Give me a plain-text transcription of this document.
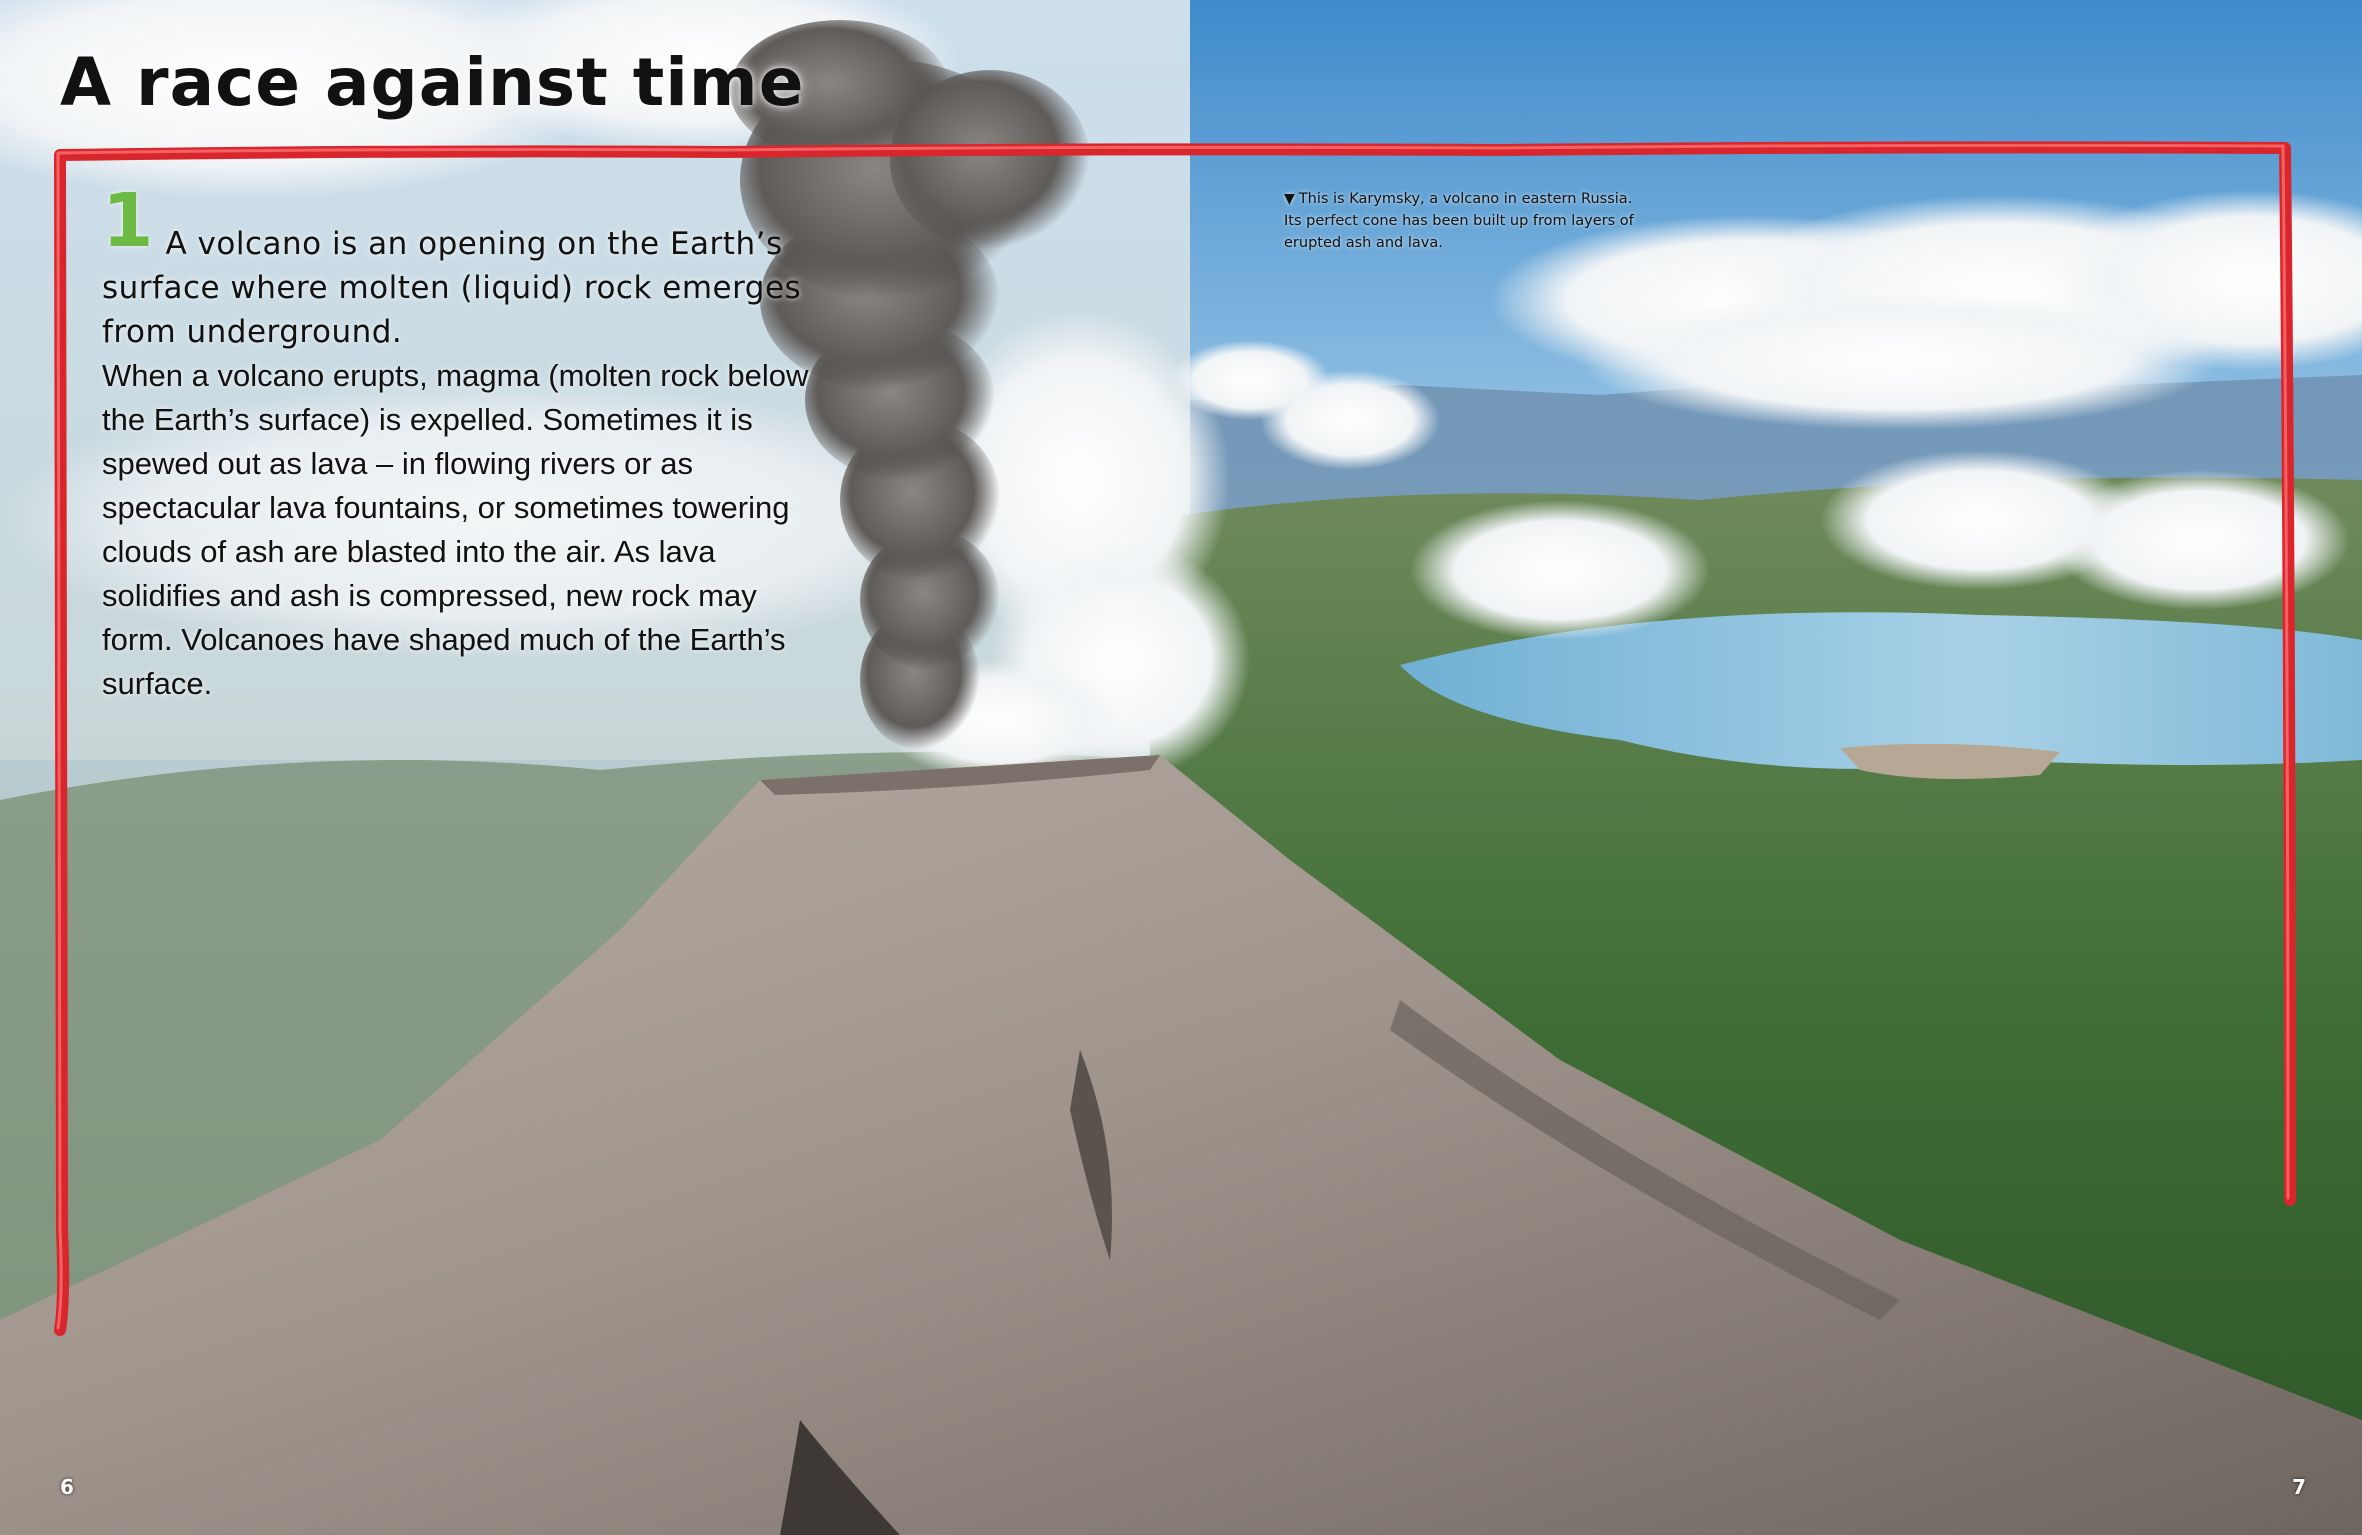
A race against time
1 A volcano is an opening on the Earth’s surface where molten (liquid) rock emerges from underground.

When a volcano erupts, magma (molten rock below the Earth’s surface) is expelled. Sometimes it is spewed out as lava – in flowing rivers or as spectacular lava fountains, or sometimes towering clouds of ash are blasted into the air. As lava solidifies and ash is compressed, new rock may form. Volcanoes have shaped much of the Earth’s surface.

▼ This is Karymsky, a volcano in eastern Russia. Its perfect cone has been built up from layers of erupted ash and lava.
6	7
